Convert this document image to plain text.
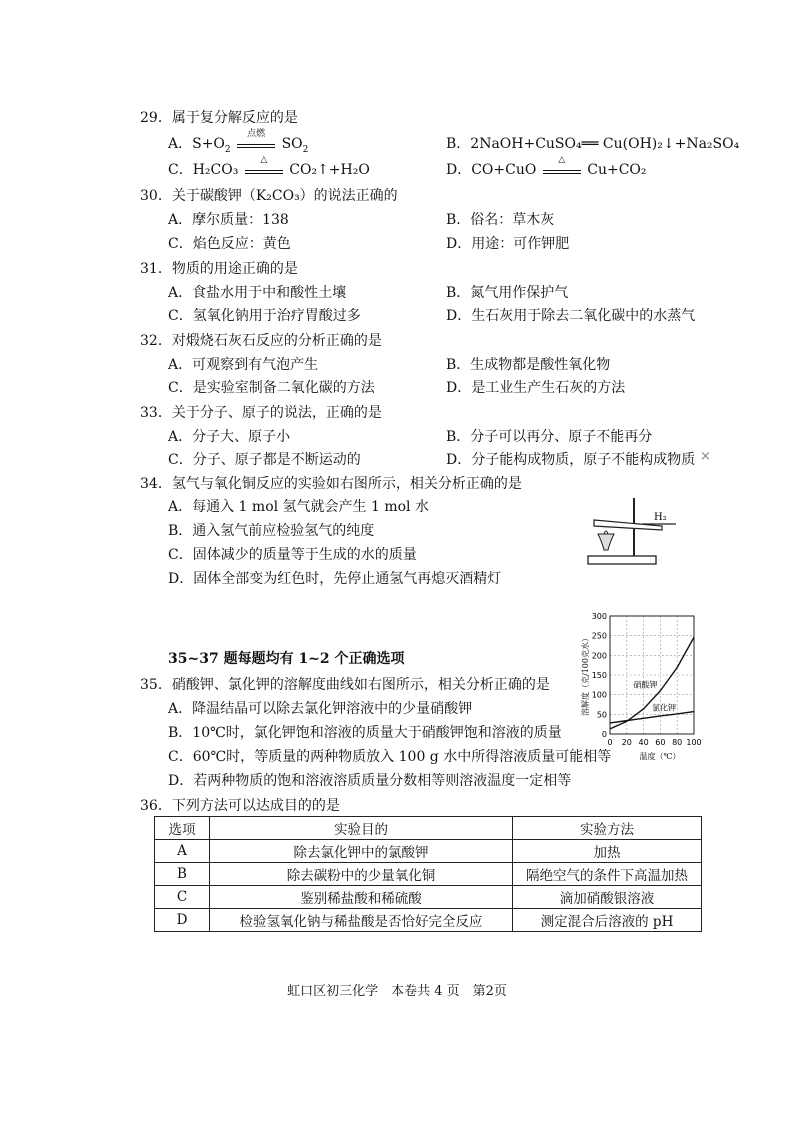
29．属于复分解反应的是
A．$S+O_2$
点燃
$SO_2$	B．2NaOH+CuSO₄══ Cu(OH)₂↓+Na₂SO₄
C．H₂CO₃
△
CO₂↑+H₂O	D．CO+CuO
△
Cu+CO₂
30．关于碳酸钾（K₂CO₃）的说法正确的
A．摩尔质量：138	B．俗名：草木灰
C．焰色反应：黄色	D．用途：可作钾肥
31．物质的用途正确的是
A．食盐水用于中和酸性土壤	B．氮气用作保护气
C．氢氧化钠用于治疗胃酸过多	D．生石灰用于除去二氧化碳中的水蒸气
32．对煅烧石灰石反应的分析正确的是
A．可观察到有气泡产生	B．生成物都是酸性氧化物
C．是实验室制备二氧化碳的方法	D．是工业生产生石灰的方法
33．关于分子、原子的说法，正确的是
A．分子大、原子小	B．分子可以再分、原子不能再分
C．分子、原子都是不断运动的	D．分子能构成物质，原子不能构成物质 ×
34．氢气与氧化铜反应的实验如右图所示，相关分析正确的是
A．每通入 1 mol 氢气就会产生 1 mol 水
B．通入氢气前应检验氢气的纯度
C．固体减少的质量等于生成的水的质量
D．固体全部变为红色时，先停止通氢气再熄灭酒精灯
H₂
35~37 题每题均有 1~2 个正确选项
35．硝酸钾、氯化钾的溶解度曲线如右图所示，相关分析正确的是
A．降温结晶可以除去氯化钾溶液中的少量硝酸钾
B．10℃时，氯化钾饱和溶液的质量大于硝酸钾饱和溶液的质量
C．60℃时，等质量的两种物质放入 100 g 水中所得溶液质量可能相等
D．若两种物质的饱和溶液溶质质量分数相等则溶液温度一定相等
0 20 40 60 80 100
0
50
100
150
200
250
300
温度（℃）
溶解度（克/100克水）	硝酸钾
氯化钾
36．下列方法可以达成目的的是
选项	实验目的	实验方法
A	除去氯化钾中的氯酸钾	加热
B	除去碳粉中的少量氧化铜	隔绝空气的条件下高温加热
C	鉴别稀盐酸和稀硫酸	滴加硝酸银溶液
D	检验氢氧化钠与稀盐酸是否恰好完全反应	测定混合后溶液的 pH
虹口区初三化学　本卷共 4 页　第2页
